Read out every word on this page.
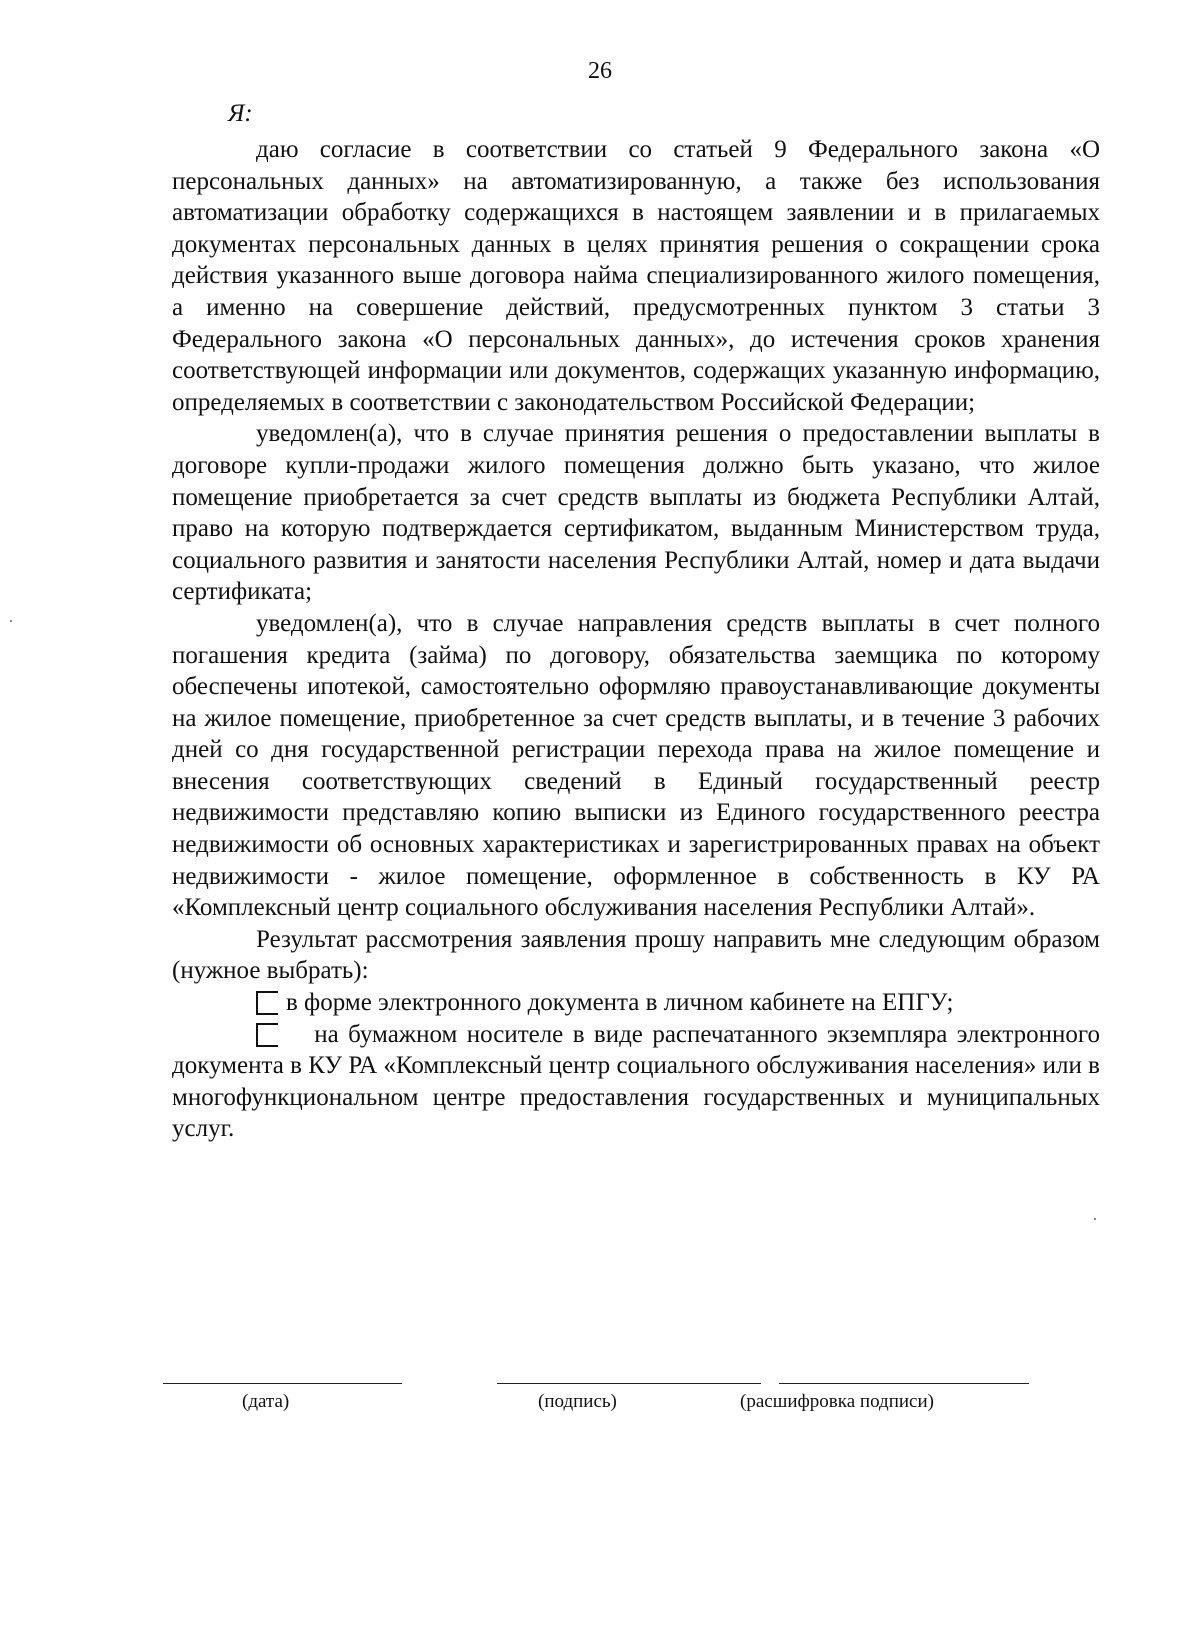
26
Я:

даю согласие в соответствии со статьей 9 Федерального закона «О персональных данных» на автоматизированную, а также без использования автоматизации обработку содержащихся в настоящем заявлении и в прилагаемых документах персональных данных в целях принятия решения о сокращении срока действия указанного выше договора найма специализированного жилого помещения, а именно на совершение действий, предусмотренных пунктом 3 статьи 3 Федерального закона «О персональных данных», до истечения сроков хранения соответствующей информации или документов, содержащих указанную информацию, определяемых в соответствии с законодательством Российской Федерации;

уведомлен(а), что в случае принятия решения о предоставлении выплаты в договоре купли-продажи жилого помещения должно быть указано, что жилое помещение приобретается за счет средств выплаты из бюджета Республики Алтай, право на которую подтверждается сертификатом, выданным Министерством труда, социального развития и занятости населения Республики Алтай, номер и дата выдачи сертификата;

уведомлен(а), что в случае направления средств выплаты в счет полного погашения кредита (займа) по договору, обязательства заемщика по которому обеспечены ипотекой, самостоятельно оформляю правоустанавливающие документы на жилое помещение, приобретенное за счет средств выплаты, и в течение 3 рабочих дней со дня государственной регистрации перехода права на жилое помещение и внесения соответствующих сведений в Единый государственный реестр недвижимости представляю копию выписки из Единого государственного реестра недвижимости об основных характеристиках и зарегистрированных правах на объект недвижимости - жилое помещение, оформленное в собственность в КУ РА «Комплексный центр социального обслуживания населения Республики Алтай».

Результат рассмотрения заявления прошу направить мне следующим образом (нужное выбрать):

в форме электронного документа в личном кабинете на ЕПГУ;

на бумажном носителе в виде распечатанного экземпляра электронного документа в КУ РА «Комплексный центр социального обслуживания населения» или в многофункциональном центре предоставления государственных и муниципальных услуг.

(дата)	(подпись)	(расшифровка подписи)
